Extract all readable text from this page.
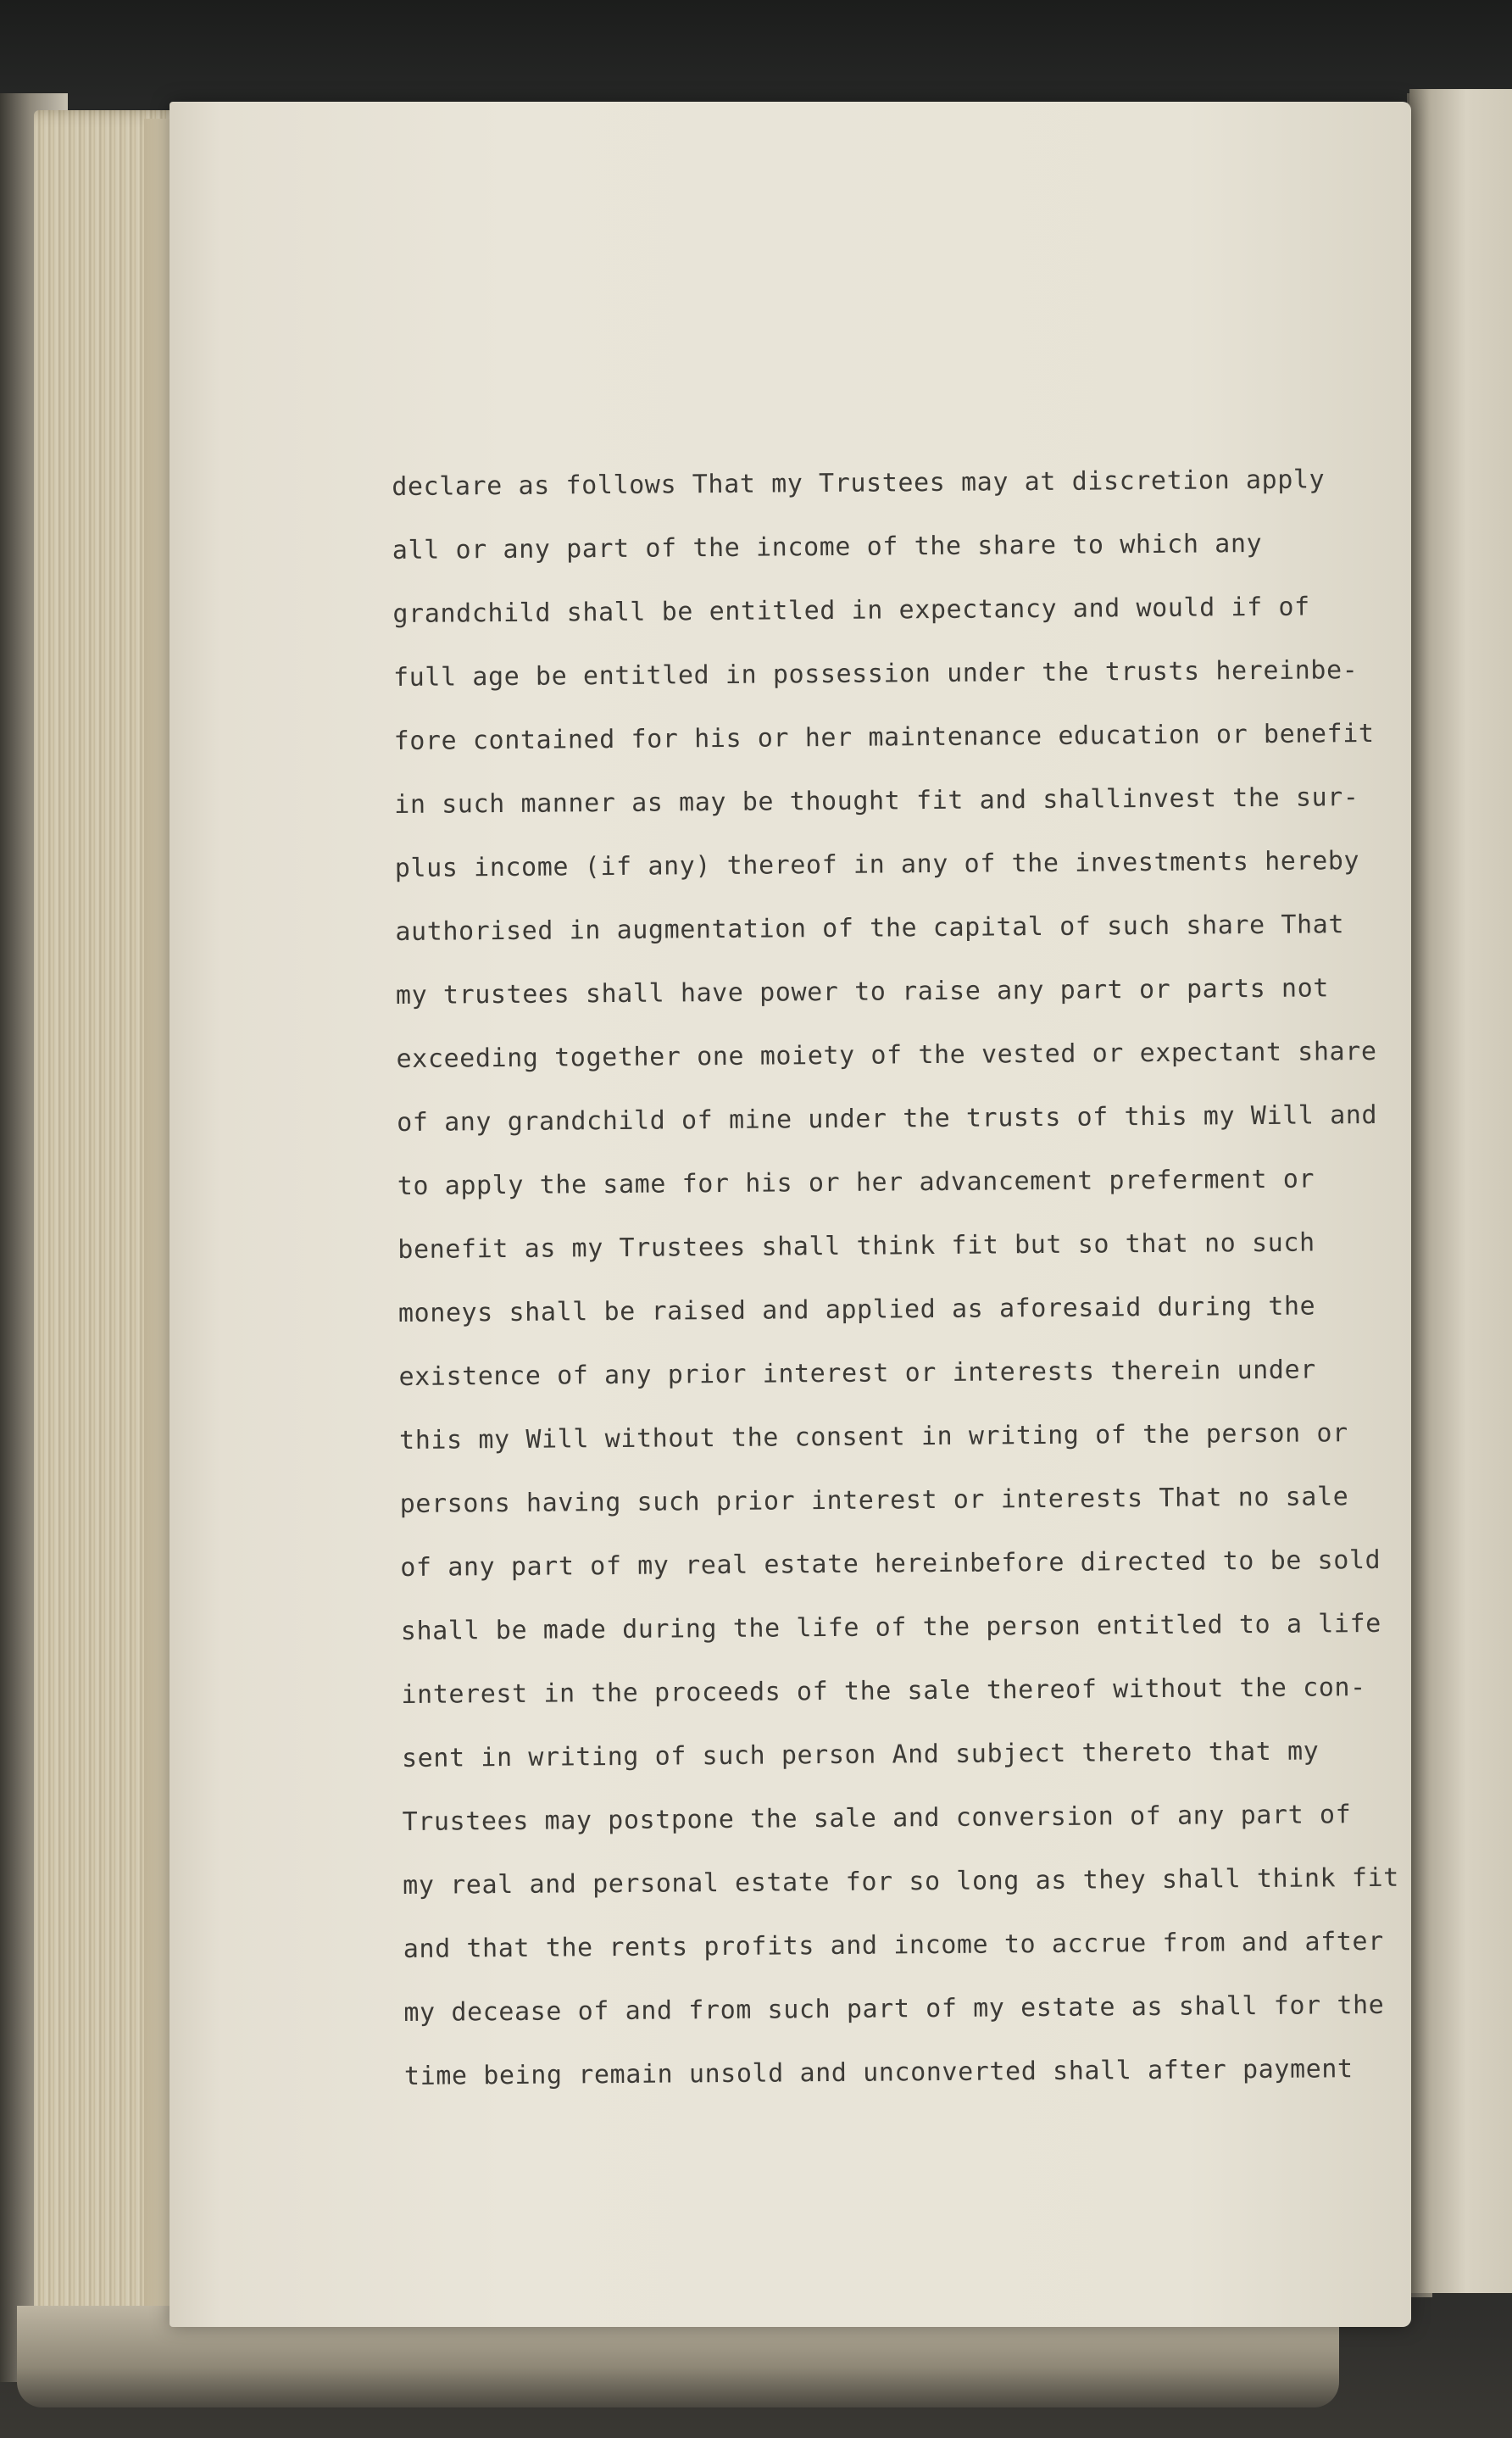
declare as follows That my Trustees may at discretion apply
all or any part of the income of the share to which any
grandchild shall be entitled in expectancy and would if of
full age be entitled in possession under the trusts hereinbe-
fore contained for his or her maintenance education or benefit
in such manner as may be thought fit and shallinvest the sur-
plus income (if any) thereof in any of the investments hereby
authorised in augmentation of the capital of such share That
my trustees shall have power to raise any part or parts not
exceeding together one moiety of the vested or expectant share
of any grandchild of mine under the trusts of this my Will and
to apply the same for his or her advancement preferment or
benefit as my Trustees shall think fit but so that no such
moneys shall be raised and applied as aforesaid during the
existence of any prior interest or interests therein under
this my Will without the consent in writing of the person or
persons having such prior interest or interests That no sale
of any part of my real estate hereinbefore directed to be sold
shall be made during the life of the person entitled to a life
interest in the proceeds of the sale thereof without the con-
sent in writing of such person And subject thereto that my
Trustees may postpone the sale and conversion of any part of
my real and personal estate for so long as they shall think fit
and that the rents profits and income to accrue from and after
my decease of and from such part of my estate as shall for the
time being remain unsold and unconverted shall after payment
